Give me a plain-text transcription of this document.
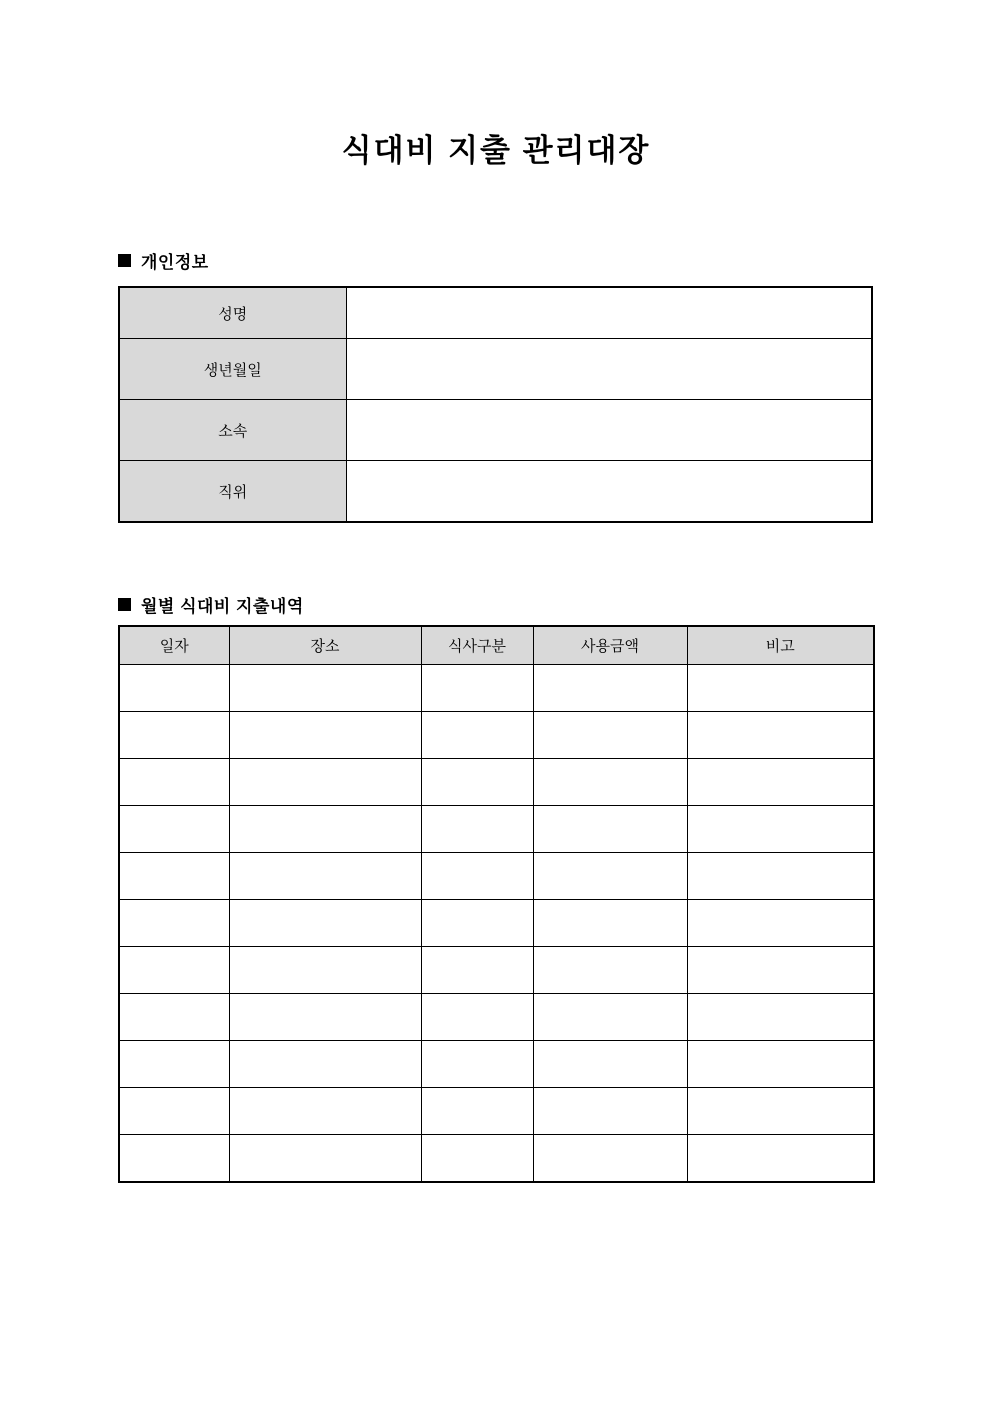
식대비 지출 관리대장
개인정보
성명	
생년월일	
소속	
직위	
월별 식대비 지출내역
일자	장소	식사구분	사용금액	비고
